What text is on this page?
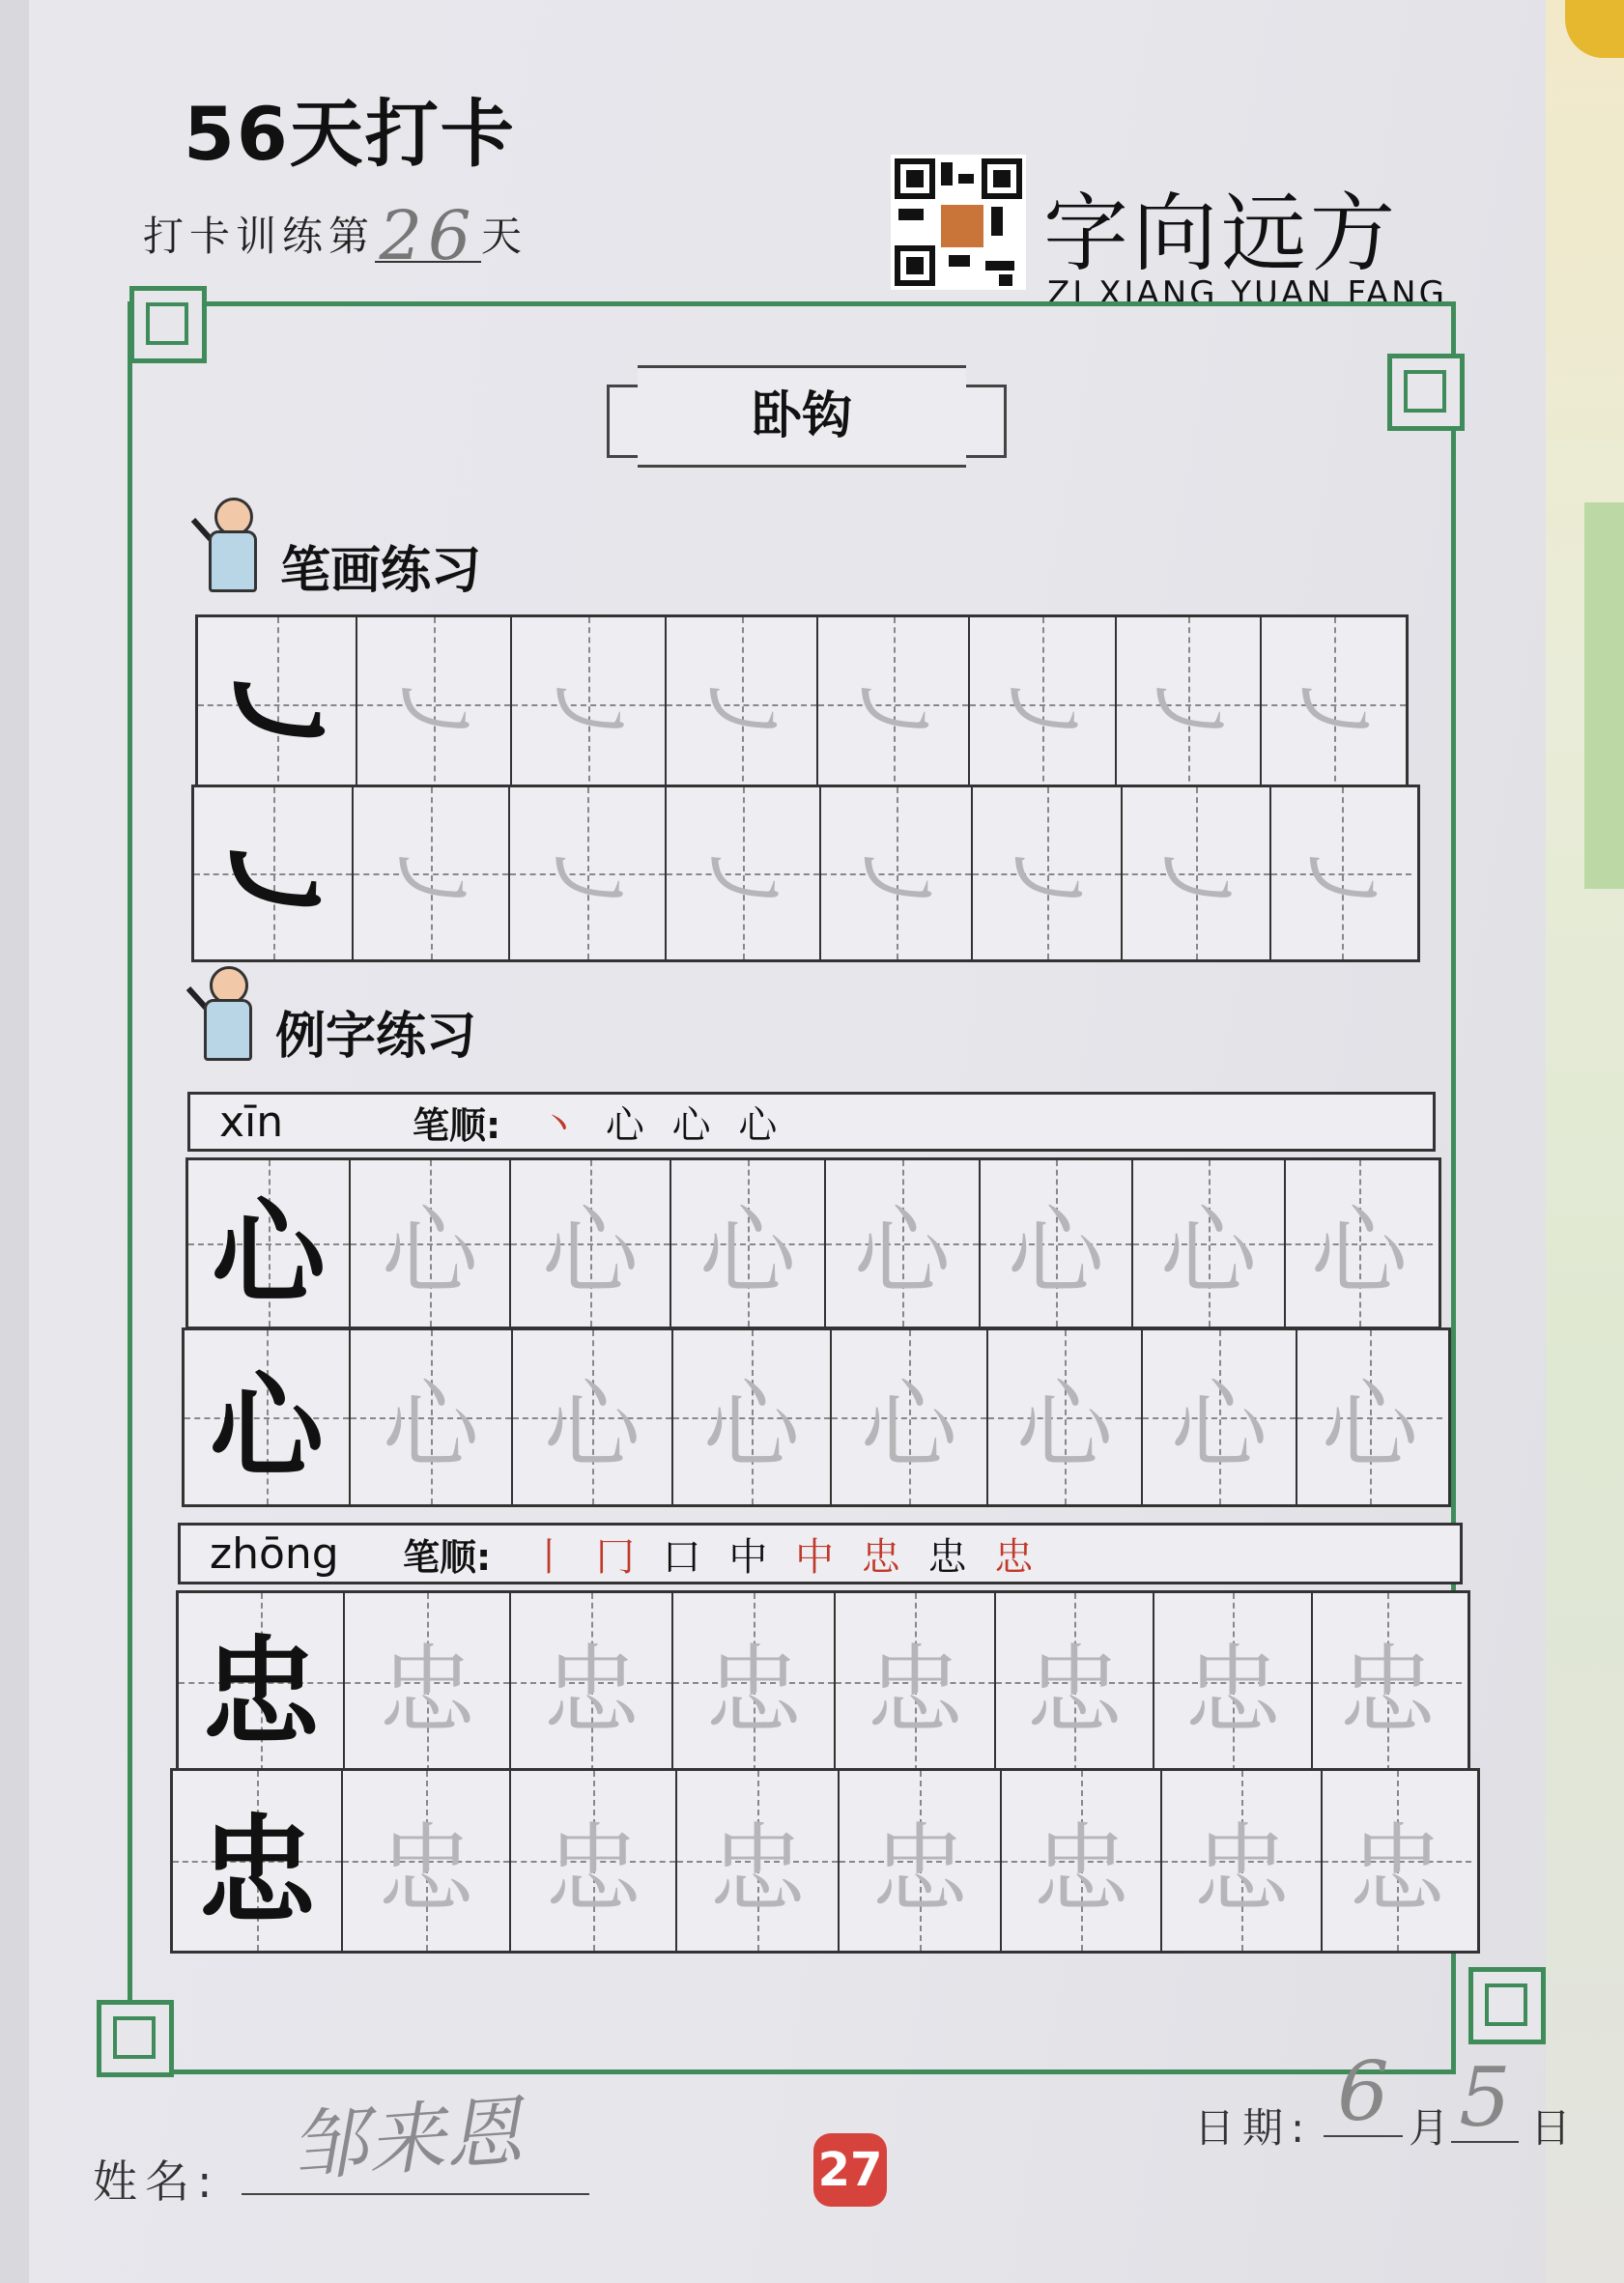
56天打卡
打卡训练第26 天	字向远方
ZI XIANG YUAN FANG
卧钩
笔画练习
㇃ ㇃ ㇃ ㇃ ㇃ ㇃ ㇃ ㇃
㇃ ㇃ ㇃ ㇃ ㇃ ㇃ ㇃ ㇃
例字练习
xīn	笔顺: 丶 心 心 心
心 心 心 心 心 心 心 心
心 心 心 心 心 心 心 心
zhōng	笔顺: 丨 冂 口 中 中 忠 忠 忠
忠 忠 忠 忠 忠 忠 忠 忠
忠 忠 忠 忠 忠 忠 忠 忠
姓名: 邹来恩	27
日期: 6 月 5 日
